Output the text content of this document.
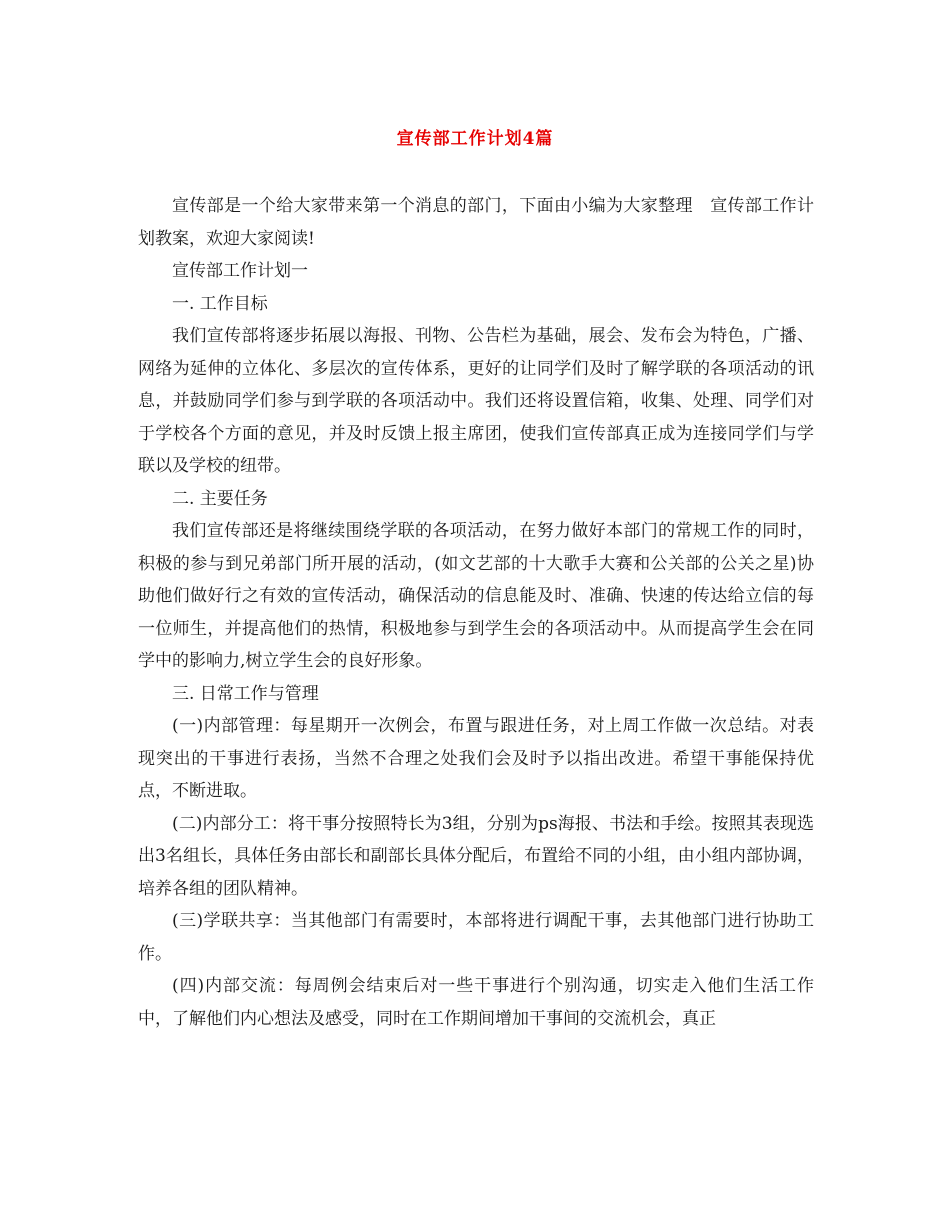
宣传部工作计划4篇

宣传部是一个给大家带来第一个消息的部门，下面由小编为大家整理　宣传部工作计划教案，欢迎大家阅读!

宣传部工作计划一

一. 工作目标

我们宣传部将逐步拓展以海报、刊物、公告栏为基础，展会、发布会为特色，广播、网络为延伸的立体化、多层次的宣传体系，更好的让同学们及时了解学联的各项活动的讯息，并鼓励同学们参与到学联的各项活动中。我们还将设置信箱，收集、处理、同学们对于学校各个方面的意见，并及时反馈上报主席团，使我们宣传部真正成为连接同学们与学联以及学校的纽带。

二. 主要任务

我们宣传部还是将继续围绕学联的各项活动，在努力做好本部门的常规工作的同时，积极的参与到兄弟部门所开展的活动，(如文艺部的十大歌手大赛和公关部的公关之星)协助他们做好行之有效的宣传活动，确保活动的信息能及时、准确、快速的传达给立信的每一位师生，并提高他们的热情，积极地参与到学生会的各项活动中。从而提高学生会在同学中的影响力,树立学生会的良好形象。

三. 日常工作与管理

(一)内部管理：每星期开一次例会，布置与跟进任务，对上周工作做一次总结。对表现突出的干事进行表扬，当然不合理之处我们会及时予以指出改进。希望干事能保持优点，不断进取。

(二)内部分工：将干事分按照特长为3组，分别为ps海报、书法和手绘。按照其表现选出3名组长，具体任务由部长和副部长具体分配后，布置给不同的小组，由小组内部协调，培养各组的团队精神。

(三)学联共享：当其他部门有需要时，本部将进行调配干事，去其他部门进行协助工作。

(四)内部交流：每周例会结束后对一些干事进行个别沟通，切实走入他们生活工作中，了解他们内心想法及感受，同时在工作期间增加干事间的交流机会，真正
